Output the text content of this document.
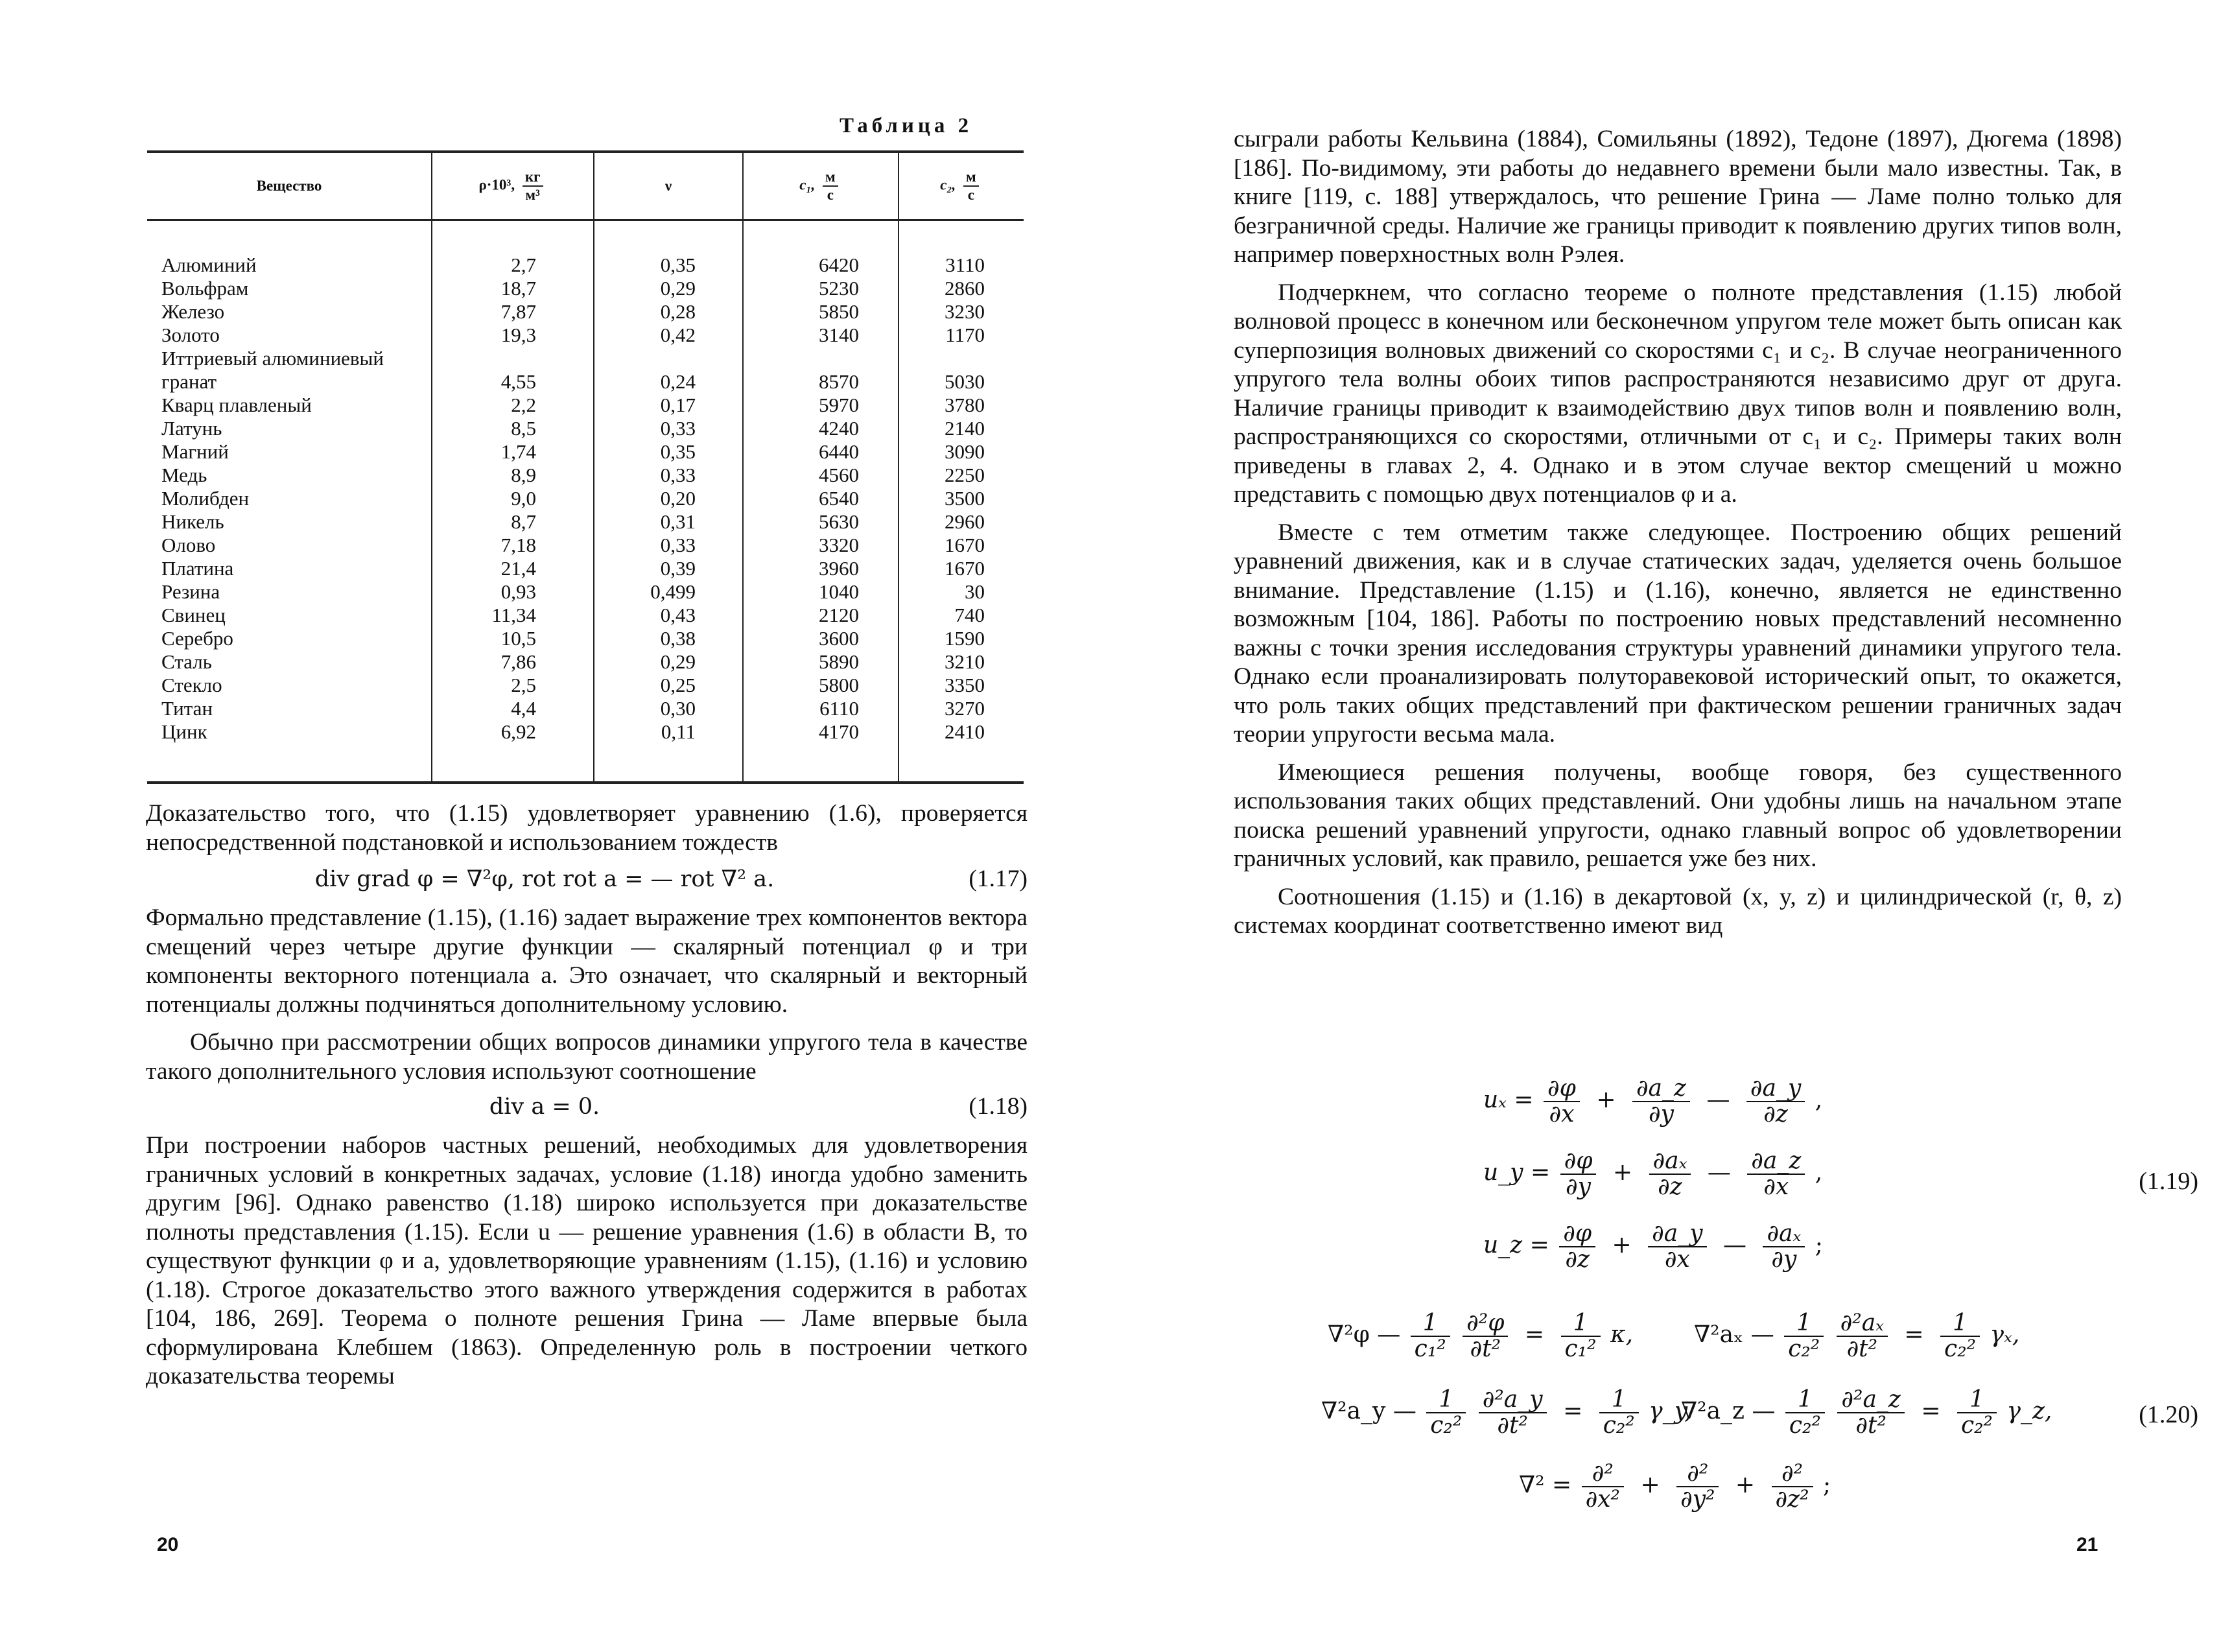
Таблица 2
Вещество	ρ·10³, $\frac{кг}{\text{м³}}$	ν	c₁, $\frac{м}{с}$	c₂, $\frac{м}{с}$

Алюминий	2,7	0,35	6420	3110
Вольфрам	18,7	0,29	5230	2860
Железо	7,87	0,28	5850	3230
Золото	19,3	0,42	3140	1170
Иттриевый алюминиевый				
гранат	4,55	0,24	8570	5030
Кварц плавленый	2,2	0,17	5970	3780
Латунь	8,5	0,33	4240	2140
Магний	1,74	0,35	6440	3090
Медь	8,9	0,33	4560	2250
Молибден	9,0	0,20	6540	3500
Никель	8,7	0,31	5630	2960
Олово	7,18	0,33	3320	1670
Платина	21,4	0,39	3960	1670
Резина	0,93	0,499	1040	30
Свинец	11,34	0,43	2120	740
Серебро	10,5	0,38	3600	1590
Сталь	7,86	0,29	5890	3210
Стекло	2,5	0,25	5800	3350
Титан	4,4	0,30	6110	3270
Цинк	6,92	0,11	4170	2410

Доказательство того, что (1.15) удовлетворяет уравнению (1.6), проверяется непосредственной подстановкой и использованием тождеств

div grad φ = ∇²φ, rot rot a = — rot ∇² a.	(1.17)

Формально представление (1.15), (1.16) задает выражение трех компонентов вектора смещений через четыре другие функции — скалярный потенциал φ и три компоненты векторного потенциала a. Это означает, что скалярный и векторный потенциалы должны подчиняться дополнительному условию.

Обычно при рассмотрении общих вопросов динамики упругого тела в качестве такого дополнительного условия используют соотношение

div a = 0.	(1.18)

При построении наборов частных решений, необходимых для удовлетворения граничных условий в конкретных задачах, условие (1.18) иногда удобно заменить другим [96]. Однако равенство (1.18) широко используется при доказательстве полноты представления (1.15). Если u — решение уравнения (1.6) в области B, то существуют функции φ и a, удовлетворяющие уравнениям (1.15), (1.16) и условию (1.18). Строгое доказательство этого важного утверждения содержится в работах [104, 186, 269]. Теорема о полноте решения Грина — Ламе впервые была сформулирована Клебшем (1863). Определенную роль в построении четкого доказательства теоремы

20

сыграли работы Кельвина (1884), Сомильяны (1892), Тедоне (1897), Дюгема (1898) [186]. По-видимому, эти работы до недавнего времени были мало известны. Так, в книге [119, с. 188] утверждалось, что решение Грина — Ламе полно только для безграничной среды. Наличие же границы приводит к появлению других типов волн, например поверхностных волн Рэлея.

Подчеркнем, что согласно теореме о полноте представления (1.15) любой волновой процесс в конечном или бесконечном упругом теле может быть описан как суперпозиция волновых движений со скоростями c₁ и c₂. В случае неограниченного упругого тела волны обоих типов распространяются независимо друг от друга. Наличие границы приводит к взаимодействию двух типов волн и появлению волн, распространяющихся со скоростями, отличными от c₁ и c₂. Примеры таких волн приведены в главах 2, 4. Однако и в этом случае вектор смещений u можно представить с помощью двух потенциалов φ и a.

Вместе с тем отметим также следующее. Построению общих решений уравнений движения, как и в случае статических задач, уделяется очень большое внимание. Представление (1.15) и (1.16), конечно, является не единственно возможным [104, 186]. Работы по построению новых представлений несомненно важны с точки зрения исследования структуры уравнений динамики упругого тела. Однако если проанализировать полуторавековой исторический опыт, то окажется, что роль таких общих представлений при фактическом решении граничных задач теории упругости весьма мала.

Имеющиеся решения получены, вообще говоря, без существенного использования таких общих представлений. Они удобны лишь на начальном этапе поиска решений уравнений упругости, однако главный вопрос об удовлетворении граничных условий, как правило, решается уже без них.

Соотношения (1.15) и (1.16) в декартовой (x, y, z) и цилиндрической (r, θ, z) системах координат соответственно имеют вид

$u_x = \frac{\partial\varphi}{\partial x} + \frac{\partial a\_z}{\partial y}$ — $\frac{\partial a\_y}{\partial z}$ ,
u_y = $\frac{\partial\varphi}{\partial y} + \frac{\text{∂aₓ}}{\partial z}$ — $\frac{\partial a\_z}{\partial x}$ ,	(1.19)
u_z = $\frac{\partial\varphi}{\partial z} + \frac{\partial a\_y}{\partial x}$ — $\frac{\text{∂aₓ}}{\partial y}$ ;
∇²φ — $\frac{1}{\text{c₁²}}$
$\frac{\text{∂²φ}}{\text{∂t²}} = \frac{1}{\text{c₁²}} \kappa$,	∇²aₓ — $\frac{1}{\text{c₂²}}$
$\frac{\text{∂²aₓ}}{\text{∂t²}} = \frac{1}{\text{c₂²}} \gamma_x$,
∇²a_y — $\frac{1}{\text{c₂²}}$
$\frac{\text{∂²a\_y}}{\text{∂t²}} = \frac{1}{\text{c₂²}}$ γ_y,
∇²a_z — $\frac{1}{\text{c₂²}}$
$\frac{\text{∂²a\_z}}{\text{∂t²}} = \frac{1}{\text{c₂²}}$ γ_z,	(1.20)
∇² = ∂²
∂x²
+	∂²
∂y²
+	∂²
∂z²
;
21
